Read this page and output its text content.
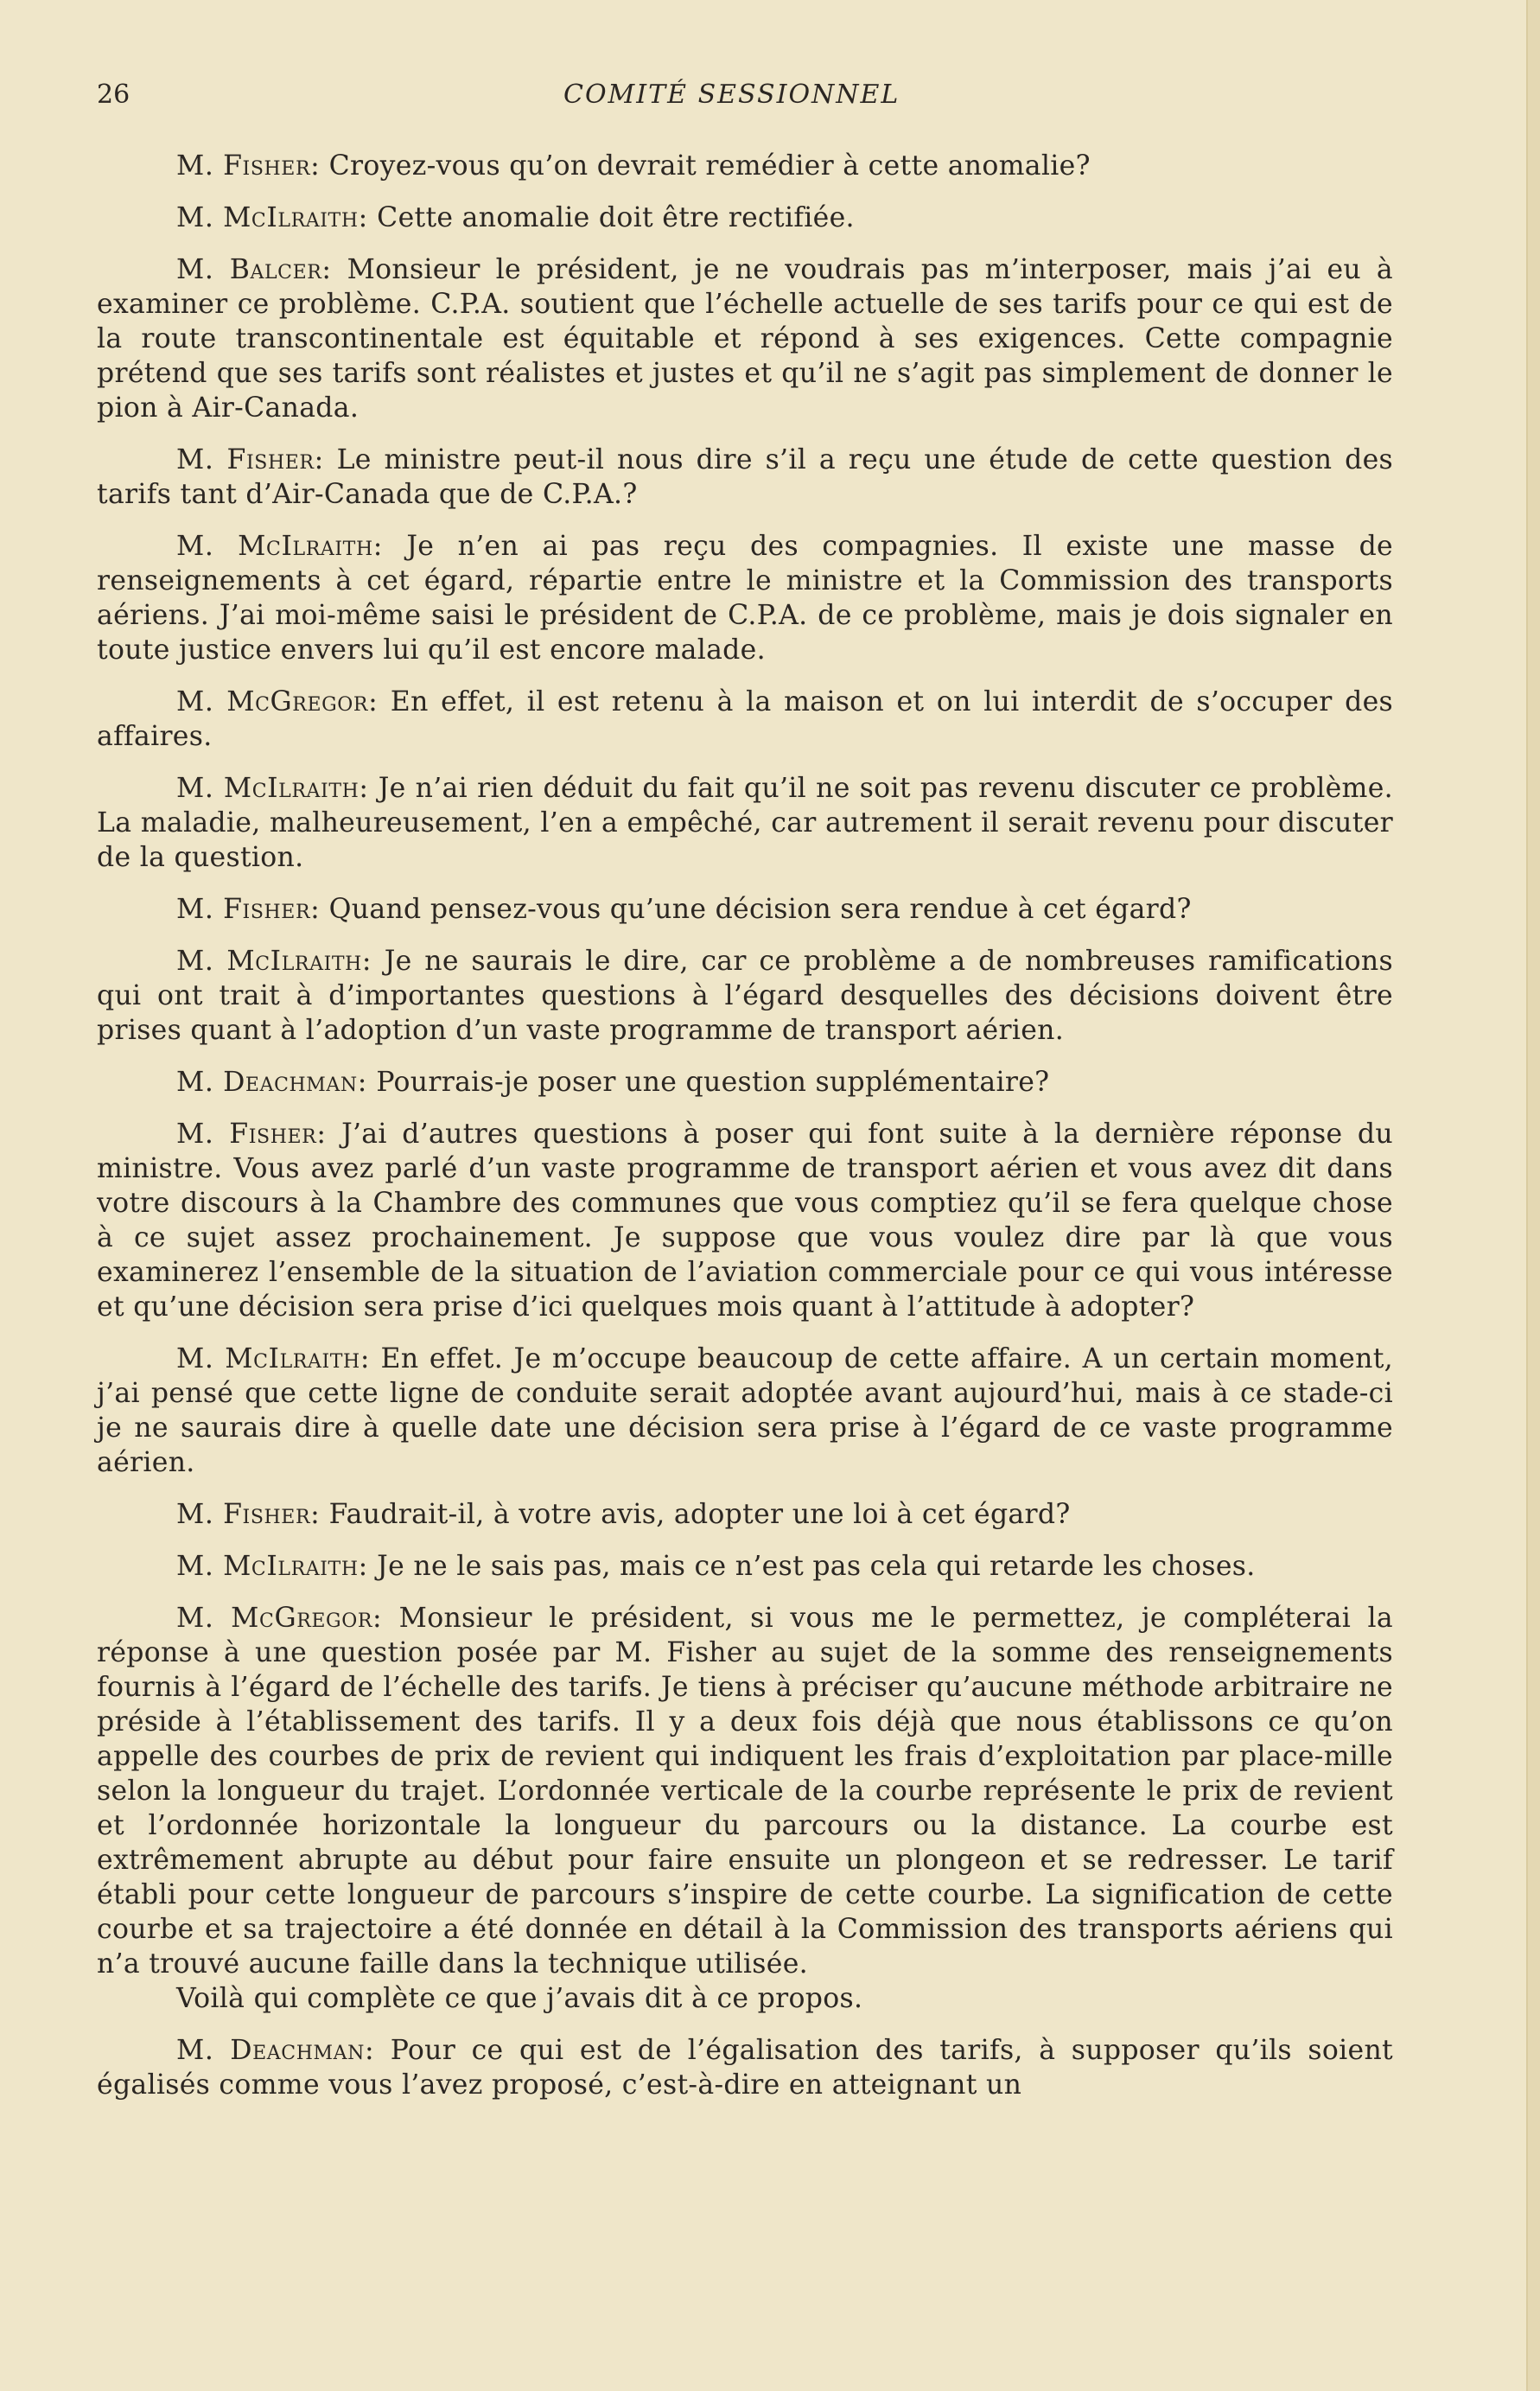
26	COMITÉ SESSIONNEL

M. Fisher: Croyez-vous qu’on devrait remédier à cette anomalie?

M. McIlraith: Cette anomalie doit être rectifiée.

M. Balcer: Monsieur le président, je ne voudrais pas m’interposer, mais j’ai eu à examiner ce problème. C.P.A. soutient que l’échelle actuelle de ses tarifs pour ce qui est de la route transcontinentale est équitable et répond à ses exigences. Cette compagnie prétend que ses tarifs sont réalistes et justes et qu’il ne s’agit pas simplement de donner le pion à Air-Canada.

M. Fisher: Le ministre peut-il nous dire s’il a reçu une étude de cette question des tarifs tant d’Air-Canada que de C.P.A.?

M. McIlraith: Je n’en ai pas reçu des compagnies. Il existe une masse de renseignements à cet égard, répartie entre le ministre et la Commission des transports aériens. J’ai moi-même saisi le président de C.P.A. de ce problème, mais je dois signaler en toute justice envers lui qu’il est encore malade.

M. McGregor: En effet, il est retenu à la maison et on lui interdit de s’occuper des affaires.

M. McIlraith: Je n’ai rien déduit du fait qu’il ne soit pas revenu discuter ce problème. La maladie, malheureusement, l’en a empêché, car autrement il serait revenu pour discuter de la question.

M. Fisher: Quand pensez-vous qu’une décision sera rendue à cet égard?

M. McIlraith: Je ne saurais le dire, car ce problème a de nombreuses ramifications qui ont trait à d’importantes questions à l’égard desquelles des décisions doivent être prises quant à l’adoption d’un vaste programme de transport aérien.

M. Deachman: Pourrais-je poser une question supplémentaire?

M. Fisher: J’ai d’autres questions à poser qui font suite à la dernière réponse du ministre. Vous avez parlé d’un vaste programme de transport aérien et vous avez dit dans votre discours à la Chambre des communes que vous comptiez qu’il se fera quelque chose à ce sujet assez prochainement. Je suppose que vous voulez dire par là que vous examinerez l’ensemble de la situation de l’aviation commerciale pour ce qui vous intéresse et qu’une décision sera prise d’ici quelques mois quant à l’attitude à adopter?

M. McIlraith: En effet. Je m’occupe beaucoup de cette affaire. A un certain moment, j’ai pensé que cette ligne de conduite serait adoptée avant aujourd’hui, mais à ce stade-ci je ne saurais dire à quelle date une décision sera prise à l’égard de ce vaste programme aérien.

M. Fisher: Faudrait-il, à votre avis, adopter une loi à cet égard?

M. McIlraith: Je ne le sais pas, mais ce n’est pas cela qui retarde les choses.

M. McGregor: Monsieur le président, si vous me le permettez, je compléterai la réponse à une question posée par M. Fisher au sujet de la somme des renseignements fournis à l’égard de l’échelle des tarifs. Je tiens à préciser qu’aucune méthode arbitraire ne préside à l’établissement des tarifs. Il y a deux fois déjà que nous établissons ce qu’on appelle des courbes de prix de revient qui indiquent les frais d’exploitation par place-mille selon la longueur du trajet. L’ordonnée verticale de la courbe représente le prix de revient et l’ordonnée horizontale la longueur du parcours ou la distance. La courbe est extrêmement abrupte au début pour faire ensuite un plongeon et se redresser. Le tarif établi pour cette longueur de parcours s’inspire de cette courbe. La signification de cette courbe et sa trajectoire a été donnée en détail à la Commission des transports aériens qui n’a trouvé aucune faille dans la technique utilisée.

Voilà qui complète ce que j’avais dit à ce propos.

M. Deachman: Pour ce qui est de l’égalisation des tarifs, à supposer qu’ils soient égalisés comme vous l’avez proposé, c’est-à-dire en atteignant un
